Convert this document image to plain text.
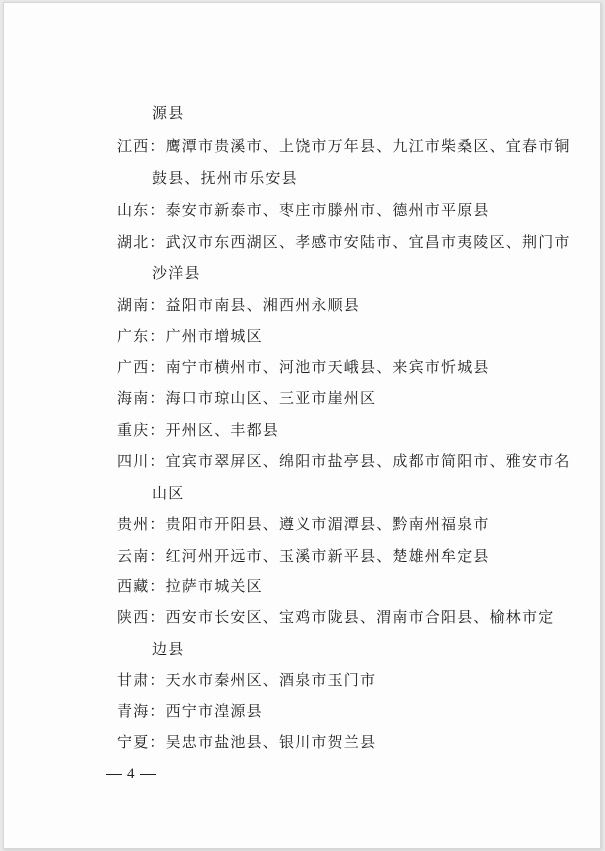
源县
江西：鹰潭市贵溪市、上饶市万年县、九江市柴桑区、宜春市铜
鼓县、抚州市乐安县
山东：泰安市新泰市、枣庄市滕州市、德州市平原县
湖北：武汉市东西湖区、孝感市安陆市、宜昌市夷陵区、荆门市
沙洋县
湖南：益阳市南县、湘西州永顺县
广东：广州市增城区
广西：南宁市横州市、河池市天峨县、来宾市忻城县
海南：海口市琼山区、三亚市崖州区
重庆：开州区、丰都县
四川：宜宾市翠屏区、绵阳市盐亭县、成都市简阳市、雅安市名
山区
贵州：贵阳市开阳县、遵义市湄潭县、黔南州福泉市
云南：红河州开远市、玉溪市新平县、楚雄州牟定县
西藏：拉萨市城关区
陕西：西安市长安区、宝鸡市陇县、渭南市合阳县、榆林市定
边县
甘肃：天水市秦州区、酒泉市玉门市
青海：西宁市湟源县
宁夏：吴忠市盐池县、银川市贺兰县
4
